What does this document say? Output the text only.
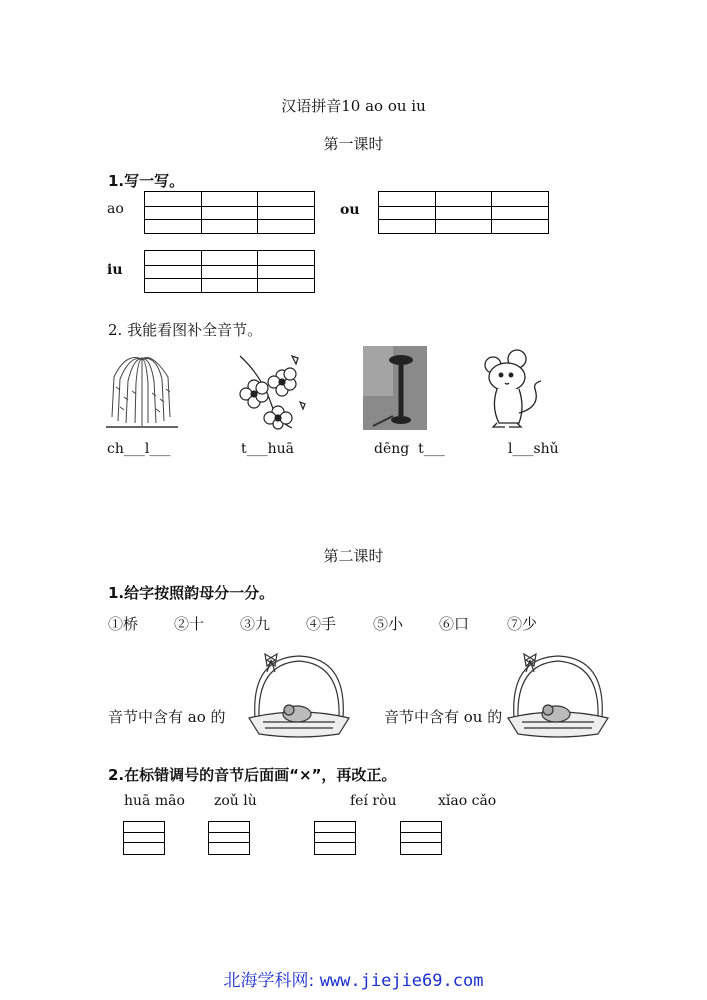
汉语拼音10 ao ou iu
第一课时
1.写一写。
ao	ou
iu
2. 我能看图补全音节。
ch___l___	t___huā	dēng  t___	l___shǔ
第二课时
1.给字按照韵母分一分。
①桥 ②十 ③九 ④手 ⑤小 ⑥口	⑦少
音节中含有 ao 的	音节中含有 ou 的
2.在标错调号的音节后面画“×”，再改正。
huā māo zoǔ lù	feí ròu	xǐao cǎo
北海学科网: www.jiejie69.com
